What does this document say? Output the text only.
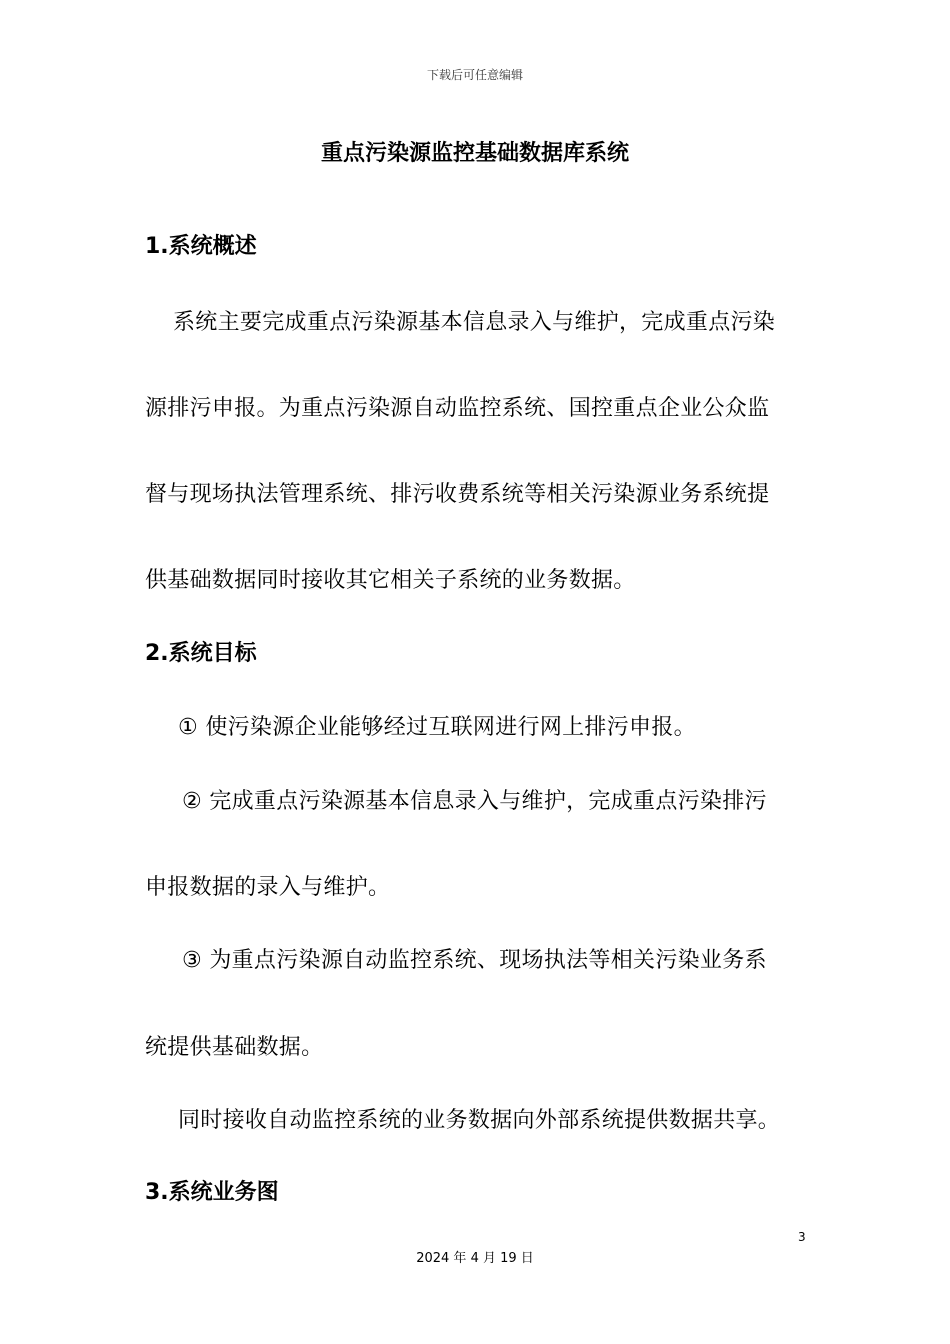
下载后可任意编辑
重点污染源监控基础数据库系统
1.系统概述

系统主要完成重点污染源基本信息录入与维护，完成重点污染

源排污申报。为重点污染源自动监控系统、国控重点企业公众监

督与现场执法管理系统、排污收费系统等相关污染源业务系统提

供基础数据同时接收其它相关子系统的业务数据。

2.系统目标

① 使污染源企业能够经过互联网进行网上排污申报。

② 完成重点污染源基本信息录入与维护，完成重点污染排污

申报数据的录入与维护。

③ 为重点污染源自动监控系统、现场执法等相关污染业务系

统提供基础数据。

同时接收自动监控系统的业务数据向外部系统提供数据共享。

3.系统业务图
3
2024 年 4 月 19 日
